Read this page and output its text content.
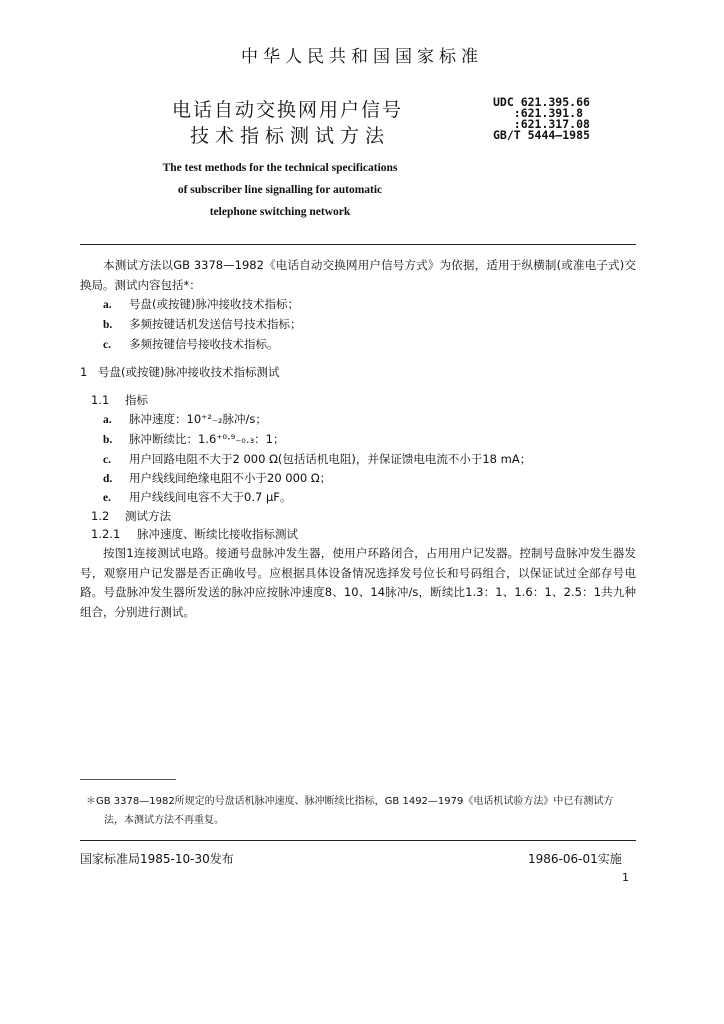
中华人民共和国国家标准
电话自动交换网用户信号
技术指标测试方法
UDC 621.395.66
:621.391.8
:621.317.08
GB/T 5444—1985
The test methods for the technical specifications
of subscriber line signalling for automatic
telephone switching network
本测试方法以GB 3378—1982《电话自动交换网用户信号方式》为依据，适用于纵横制(或准电子式)交换局。测试内容包括*：
a. 号盘(或按键)脉冲接收技术指标；
b. 多频按键话机发送信号技术指标；
c. 多频按键信号接收技术指标。
1 号盘(或按键)脉冲接收技术指标测试
1.1 指标
a. 脉冲速度：10⁺²₋₂脉冲/s；
b. 脉冲断续比：1.6⁺⁰·⁹₋₀.₃：1；
c. 用户回路电阻不大于2 000 Ω(包括话机电阻)，并保证馈电电流不小于18 mA；
d. 用户线线间绝缘电阻不小于20 000 Ω；
e. 用户线线间电容不大于0.7 μF。
1.2 测试方法
1.2.1 脉冲速度、断续比接收指标测试
按图1连接测试电路。接通号盘脉冲发生器，使用户环路闭合，占用用户记发器。控制号盘脉冲发生器发号，观察用户记发器是否正确收号。应根据具体设备情况选择发号位长和号码组合，以保证试过全部存号电路。号盘脉冲发生器所发送的脉冲应按脉冲速度8、10、14脉冲/s，断续比1.3：1、1.6：1、2.5：1共九种组合，分别进行测试。
＊GB 3378—1982所规定的号盘话机脉冲速度、脉冲断续比指标，GB 1492—1979《电话机试验方法》中已有测试方
法，本测试方法不再重复。
国家标准局1985-10-30发布	1986-06-01实施
1
